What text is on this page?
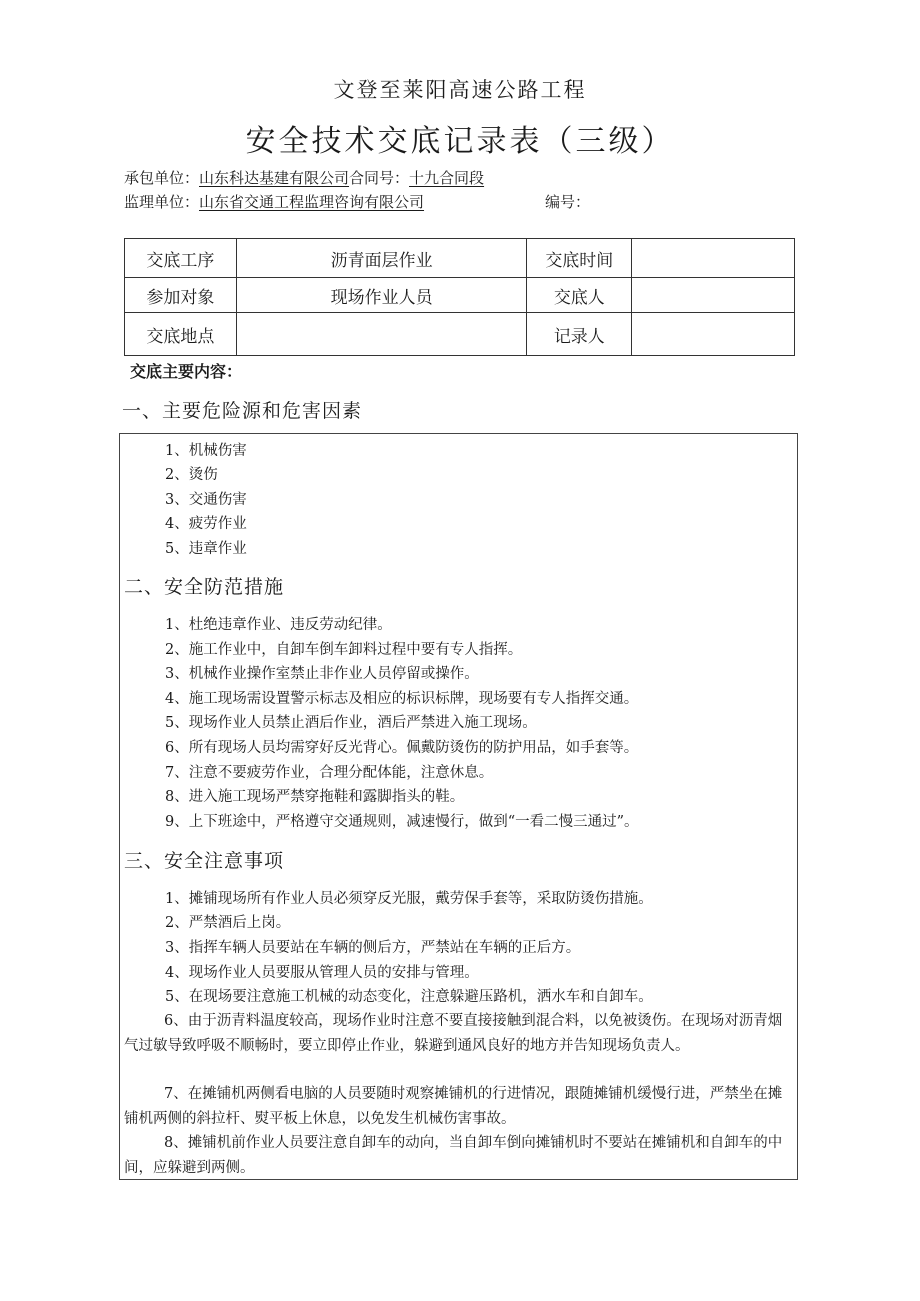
文登至莱阳高速公路工程
安全技术交底记录表（三级）
承包单位：山东科达基建有限公司合同号：十九合同段
监理单位：山东省交通工程监理咨询有限公司	编号：
交底工序	沥青面层作业	交底时间	
参加对象	现场作业人员	交底人	
交底地点		记录人	
交底主要内容：
一、主要危险源和危害因素
1、机械伤害
2、烫伤
3、交通伤害
4、疲劳作业
5、违章作业
二、安全防范措施
1、杜绝违章作业、违反劳动纪律。
2、施工作业中，自卸车倒车卸料过程中要有专人指挥。
3、机械作业操作室禁止非作业人员停留或操作。
4、施工现场需设置警示标志及相应的标识标牌，现场要有专人指挥交通。
5、现场作业人员禁止酒后作业，酒后严禁进入施工现场。
6、所有现场人员均需穿好反光背心。佩戴防烫伤的防护用品，如手套等。
7、注意不要疲劳作业，合理分配体能，注意休息。
8、进入施工现场严禁穿拖鞋和露脚指头的鞋。
9、上下班途中，严格遵守交通规则，减速慢行，做到“一看二慢三通过”。
三、安全注意事项
1、摊铺现场所有作业人员必须穿反光服，戴劳保手套等，采取防烫伤措施。
2、严禁酒后上岗。
3、指挥车辆人员要站在车辆的侧后方，严禁站在车辆的正后方。
4、现场作业人员要服从管理人员的安排与管理。
5、在现场要注意施工机械的动态变化，注意躲避压路机，洒水车和自卸车。
6、由于沥青料温度较高，现场作业时注意不要直接接触到混合料，以免被烫伤。在现场对沥青烟气过敏导致呼吸不顺畅时，要立即停止作业，躲避到通风良好的地方并告知现场负责人。
7、在摊铺机两侧看电脑的人员要随时观察摊铺机的行进情况，跟随摊铺机缓慢行进，严禁坐在摊铺机两侧的斜拉杆、熨平板上休息，以免发生机械伤害事故。
8、摊铺机前作业人员要注意自卸车的动向，当自卸车倒向摊铺机时不要站在摊铺机和自卸车的中间，应躲避到两侧。
